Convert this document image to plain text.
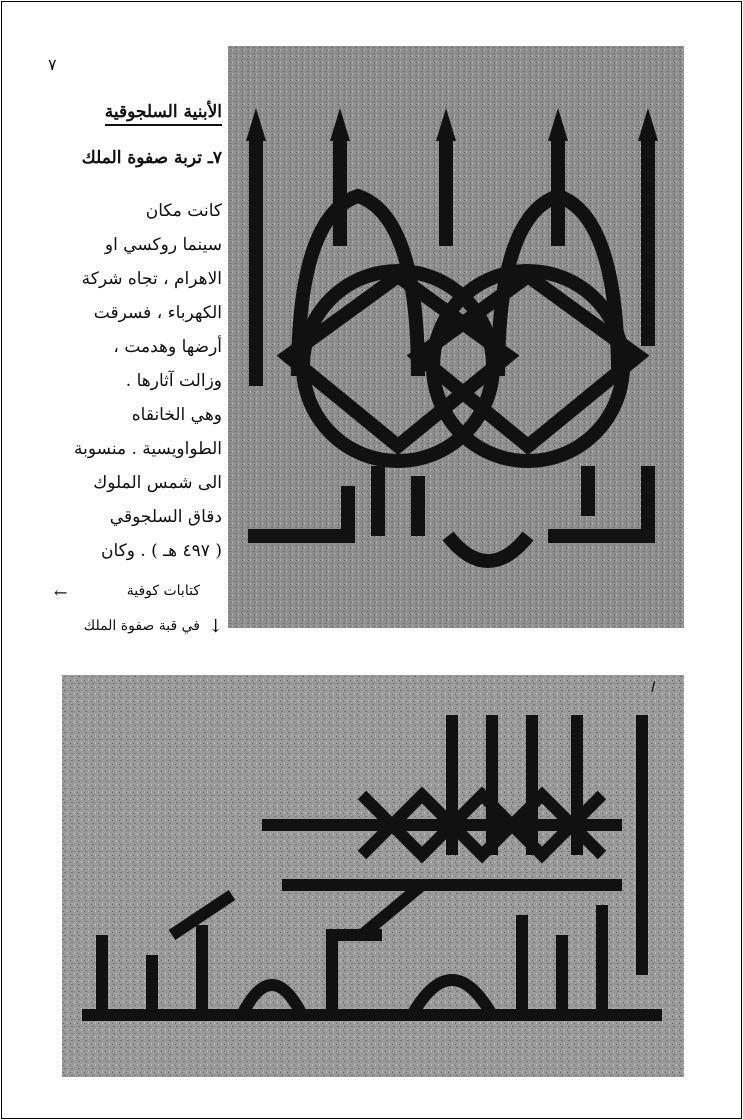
٧
الأبنية السلجوقية
٧ـ تربة صفوة الملك

كانت مكان

سينما روكسي او

الاهرام ، تجاه شركة

الكهرباء ، فسرقت

أرضها وهدمت ،

وزالت آثارها .

وهي الخانقاه

الطواويسية . منسوبة

الى شمس الملوك

دقاق السلجوقي

( ٤٩٧ هـ ) . وكان

كتابات كوفية
←
في قبة صفوة الملك ↓
ا
